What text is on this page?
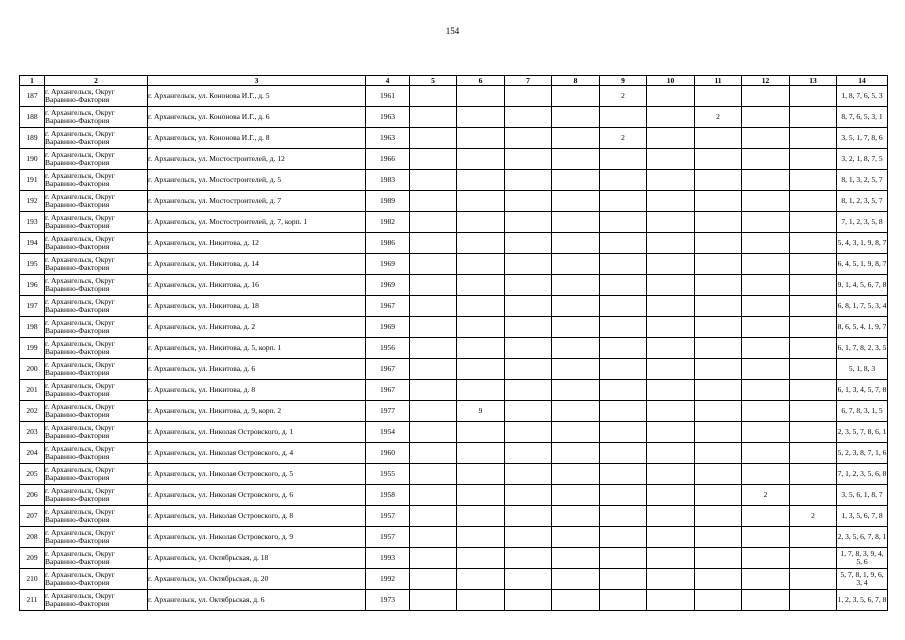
154
1	2	3	4	5	6	7	8	9	10	11	12	13	14
187	г. Архангельск, Округ Варавино-Фактория	г. Архангельск, ул. Кононова И.Г., д. 5	1961					2					1, 8, 7, 6, 5, 3
188	г. Архангельск, Округ Варавино-Фактория	г. Архангельск, ул. Кононова И.Г., д. 6	1963							2			8, 7, 6, 5, 3, 1
189	г. Архангельск, Округ Варавино-Фактория	г. Архангельск, ул. Кононова И.Г., д. 8	1963					2					3, 5, 1, 7, 8, 6
190	г. Архангельск, Округ Варавино-Фактория	г. Архангельск, ул. Мостостроителей, д. 12	1966										3, 2, 1, 8, 7, 5
191	г. Архангельск, Округ Варавино-Фактория	г. Архангельск, ул. Мостостроителей, д. 5	1983										8, 1, 3, 2, 5, 7
192	г. Архангельск, Округ Варавино-Фактория	г. Архангельск, ул. Мостостроителей, д. 7	1989										8, 1, 2, 3, 5, 7
193	г. Архангельск, Округ Варавино-Фактория	г. Архангельск, ул. Мостостроителей, д. 7, корп. 1	1982										7, 1, 2, 3, 5, 8
194	г. Архангельск, Округ Варавино-Фактория	г. Архангельск, ул. Никитова, д. 12	1986										5, 4, 3, 1, 9, 8, 7
195	г. Архангельск, Округ Варавино-Фактория	г. Архангельск, ул. Никитова, д. 14	1969										6, 4, 5, 1, 9, 8, 7
196	г. Архангельск, Округ Варавино-Фактория	г. Архангельск, ул. Никитова, д. 16	1969										9, 1, 4, 5, 6, 7, 8
197	г. Архангельск, Округ Варавино-Фактория	г. Архангельск, ул. Никитова, д. 18	1967										6, 8, 1, 7, 5, 3, 4
198	г. Архангельск, Округ Варавино-Фактория	г. Архангельск, ул. Никитова, д. 2	1969										8, 6, 5, 4, 1, 9, 7
199	г. Архангельск, Округ Варавино-Фактория	г. Архангельск, ул. Никитова, д. 5, корп. 1	1956										6, 1, 7, 8, 2, 3, 5
200	г. Архангельск, Округ Варавино-Фактория	г. Архангельск, ул. Никитова, д. 6	1967										5, 1, 8, 3
201	г. Архангельск, Округ Варавино-Фактория	г. Архангельск, ул. Никитова, д. 8	1967										6, 1, 3, 4, 5, 7, 8
202	г. Архангельск, Округ Варавино-Фактория	г. Архангельск, ул. Никитова, д. 9, корп. 2	1977		9								6, 7, 8, 3, 1, 5
203	г. Архангельск, Округ Варавино-Фактория	г. Архангельск, ул. Николая Островского, д. 1	1954										2, 3, 5, 7, 8, 6, 1
204	г. Архангельск, Округ Варавино-Фактория	г. Архангельск, ул. Николая Островского, д. 4	1960										5, 2, 3, 8, 7, 1, 6
205	г. Архангельск, Округ Варавино-Фактория	г. Архангельск, ул. Николая Островского, д. 5	1955										7, 1, 2, 3, 5, 6, 8
206	г. Архангельск, Округ Варавино-Фактория	г. Архангельск, ул. Николая Островского, д. 6	1958								2		3, 5, 6, 1, 8, 7
207	г. Архангельск, Округ Варавино-Фактория	г. Архангельск, ул. Николая Островского, д. 8	1957									2	1, 3, 5, 6, 7, 8
208	г. Архангельск, Округ Варавино-Фактория	г. Архангельск, ул. Николая Островского, д. 9	1957										2, 3, 5, 6, 7, 8, 1
209	г. Архангельск, Округ Варавино-Фактория	г. Архангельск, ул. Октябрьская, д. 18	1993										1, 7, 8, 3, 9, 4, 5, 6
210	г. Архангельск, Округ Варавино-Фактория	г. Архангельск, ул. Октябрьская, д. 20	1992										5, 7, 8, 1, 9, 6, 3, 4
211	г. Архангельск, Округ Варавино-Фактория	г. Архангельск, ул. Октябрьская, д. 6	1973										1, 2, 3, 5, 6, 7, 8
